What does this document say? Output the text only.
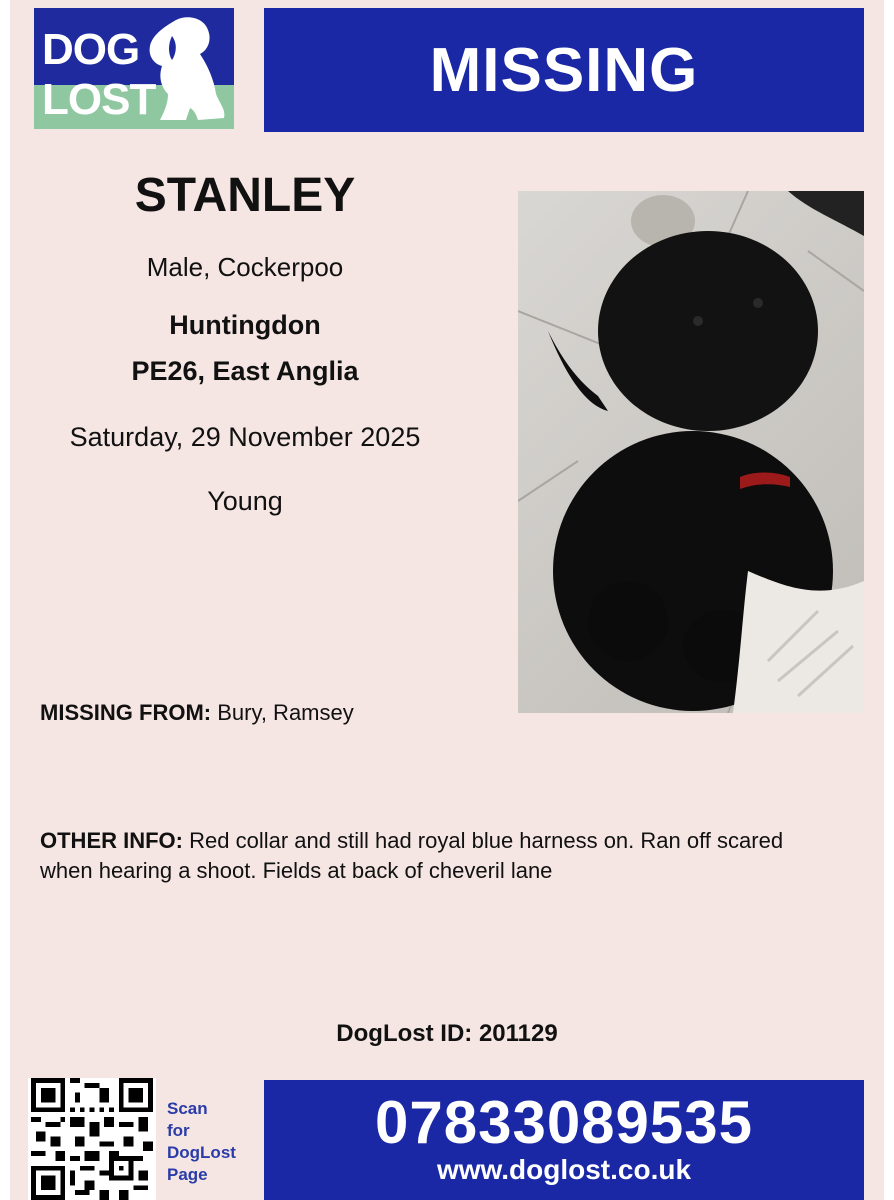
DOG
LOST	MISSING
STANLEY
Male, Cockerpoo
Huntingdon
PE26, East Anglia
Saturday, 29 November 2025
Young
MISSING FROM: Bury, Ramsey
OTHER INFO: Red collar and still had royal blue harness on. Ran off scared when hearing a shoot. Fields at back of cheveril lane
DogLost ID: 201129
Scan
for
DogLost
Page
07833089535
www.doglost.co.uk
